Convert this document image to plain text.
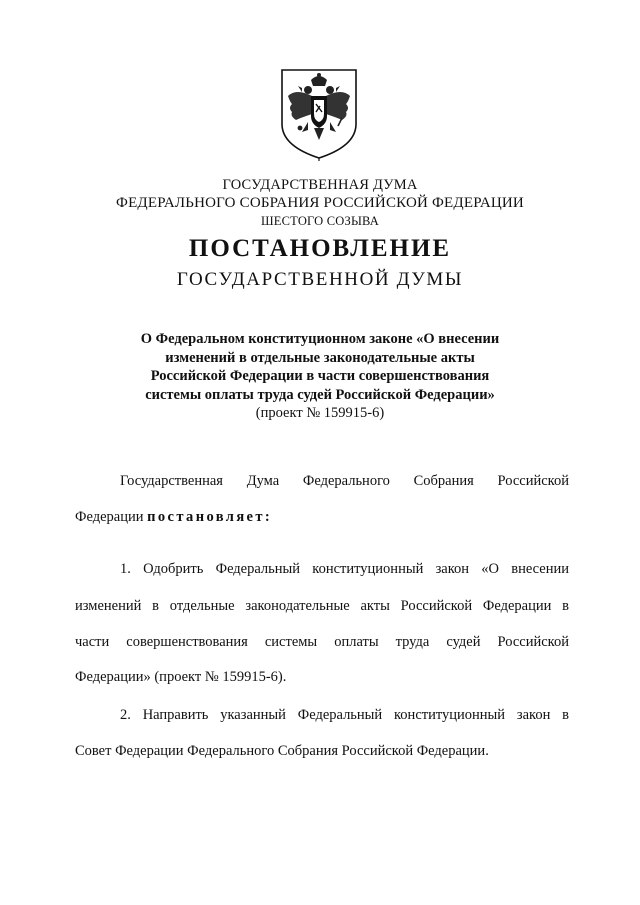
ГОСУДАРСТВЕННАЯ ДУМА
ФЕДЕРАЛЬНОГО СОБРАНИЯ РОССИЙСКОЙ ФЕДЕРАЦИИ
ШЕСТОГО СОЗЫВА
ПОСТАНОВЛЕНИЕ
ГОСУДАРСТВЕННОЙ ДУМЫ
О Федеральном конституционном законе «О внесении
изменений в отдельные законодательные акты
Российской Федерации в части совершенствования
системы оплаты труда судей Российской Федерации»
(проект № 159915-6)
Государственная Дума Федерального Собрания Российской
Федерации постановляет:
1. Одобрить Федеральный конституционный закон «О внесении
изменений в отдельные законодательные акты Российской Федерации в
части совершенствования системы оплаты труда судей Российской
Федерации» (проект № 159915-6).
2. Направить указанный Федеральный конституционный закон в
Совет Федерации Федерального Собрания Российской Федерации.
